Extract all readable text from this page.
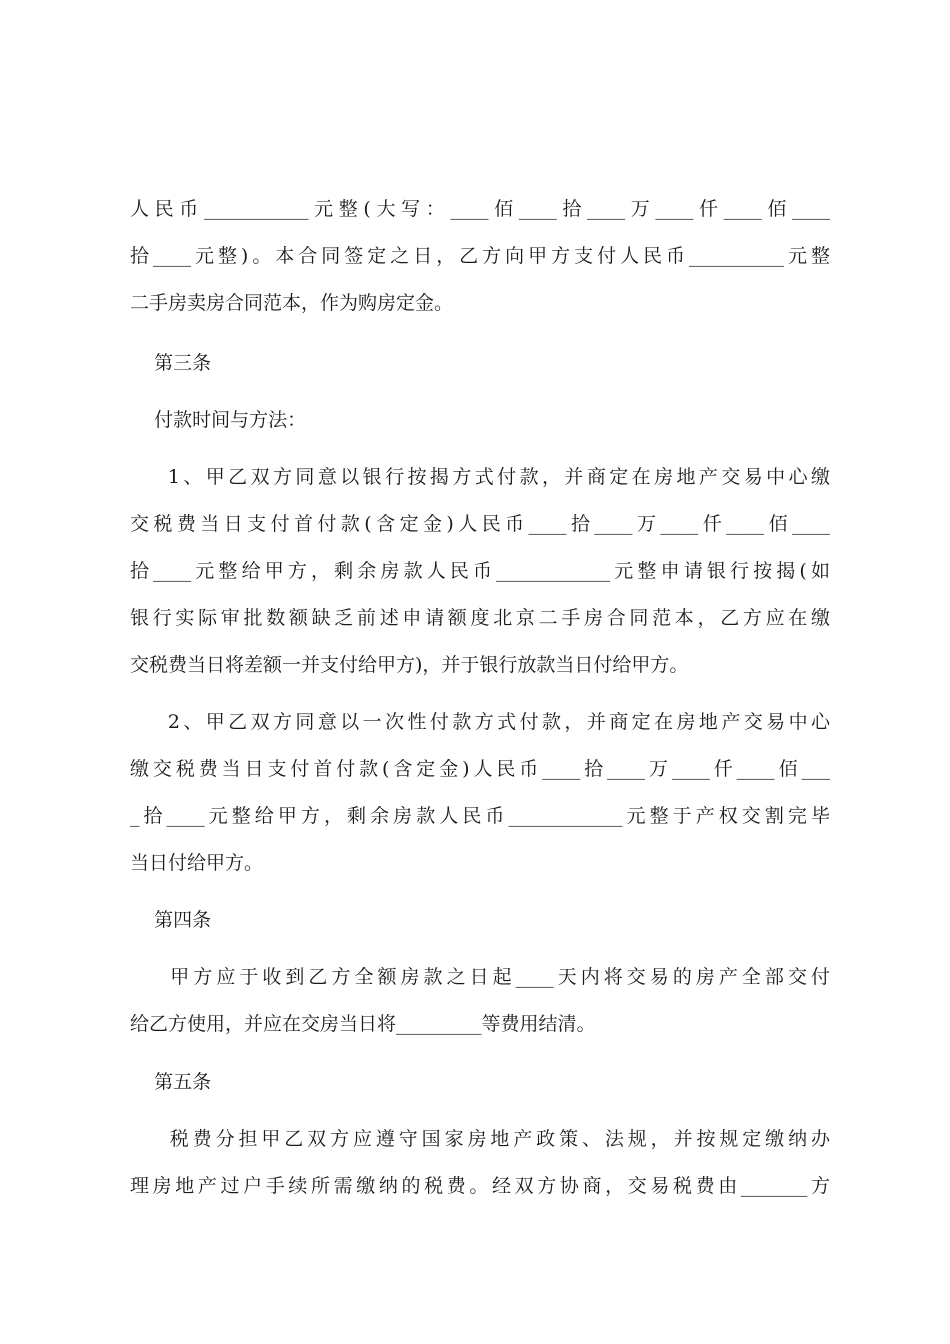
人民币___________元整(大写：____佰____拾____万____仟____佰____
拾____元整)。本合同签定之日，乙方向甲方支付人民币__________元整
二手房卖房合同范本，作为购房定金。
第三条
付款时间与方法：
1、甲乙双方同意以银行按揭方式付款，并商定在房地产交易中心缴
交税费当日支付首付款(含定金)人民币____拾____万____仟____佰____
拾____元整给甲方，剩余房款人民币____________元整申请银行按揭(如
银行实际审批数额缺乏前述申请额度北京二手房合同范本，乙方应在缴
交税费当日将差额一并支付给甲方)，并于银行放款当日付给甲方。
2、甲乙双方同意以一次性付款方式付款，并商定在房地产交易中心
缴交税费当日支付首付款(含定金)人民币____拾____万____仟____佰___
_拾____元整给甲方，剩余房款人民币____________元整于产权交割完毕
当日付给甲方。
第四条
甲方应于收到乙方全额房款之日起____天内将交易的房产全部交付
给乙方使用，并应在交房当日将_________等费用结清。
第五条
税费分担甲乙双方应遵守国家房地产政策、法规，并按规定缴纳办
理房地产过户手续所需缴纳的税费。经双方协商，交易税费由_______方
